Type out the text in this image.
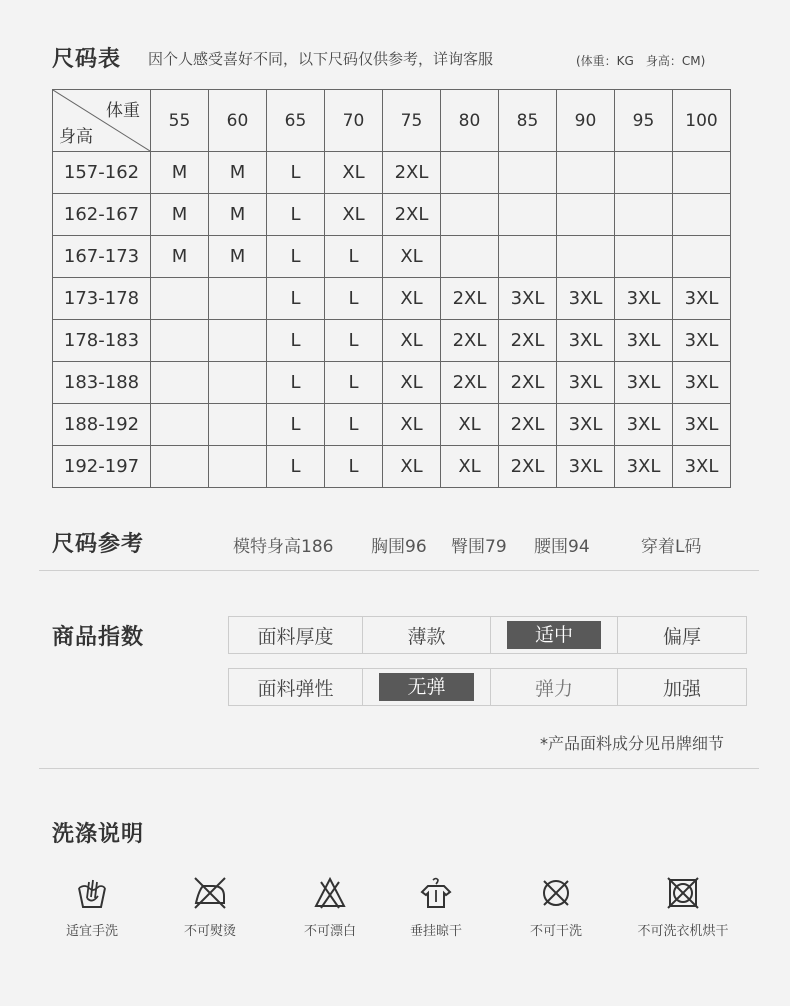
尺码表 因个人感受喜好不同，以下尺码仅供参考，详询客服	(体重：KG　身高：CM)
体重
身高	55	60	65	70	75	80	85	90	95	100
157-162	M	M	L	XL	2XL					
162-167	M	M	L	XL	2XL					
167-173	M	M	L	L	XL					
173-178			L	L	XL	2XL	3XL	3XL	3XL	3XL
178-183			L	L	XL	2XL	2XL	3XL	3XL	3XL
183-188			L	L	XL	2XL	2XL	3XL	3XL	3XL
188-192			L	L	XL	XL	2XL	3XL	3XL	3XL
192-197			L	L	XL	XL	2XL	3XL	3XL	3XL
尺码参考	模特身高186 胸围96 臀围79 腰围94	穿着L码
商品指数	面料厚度	薄款	适中	偏厚
面料弹性	无弹	弹力	加强
*产品面料成分见吊牌细节
洗涤说明
适宜手洗	不可熨烫	不可漂白	垂挂晾干	不可干洗	不可洗衣机烘干
